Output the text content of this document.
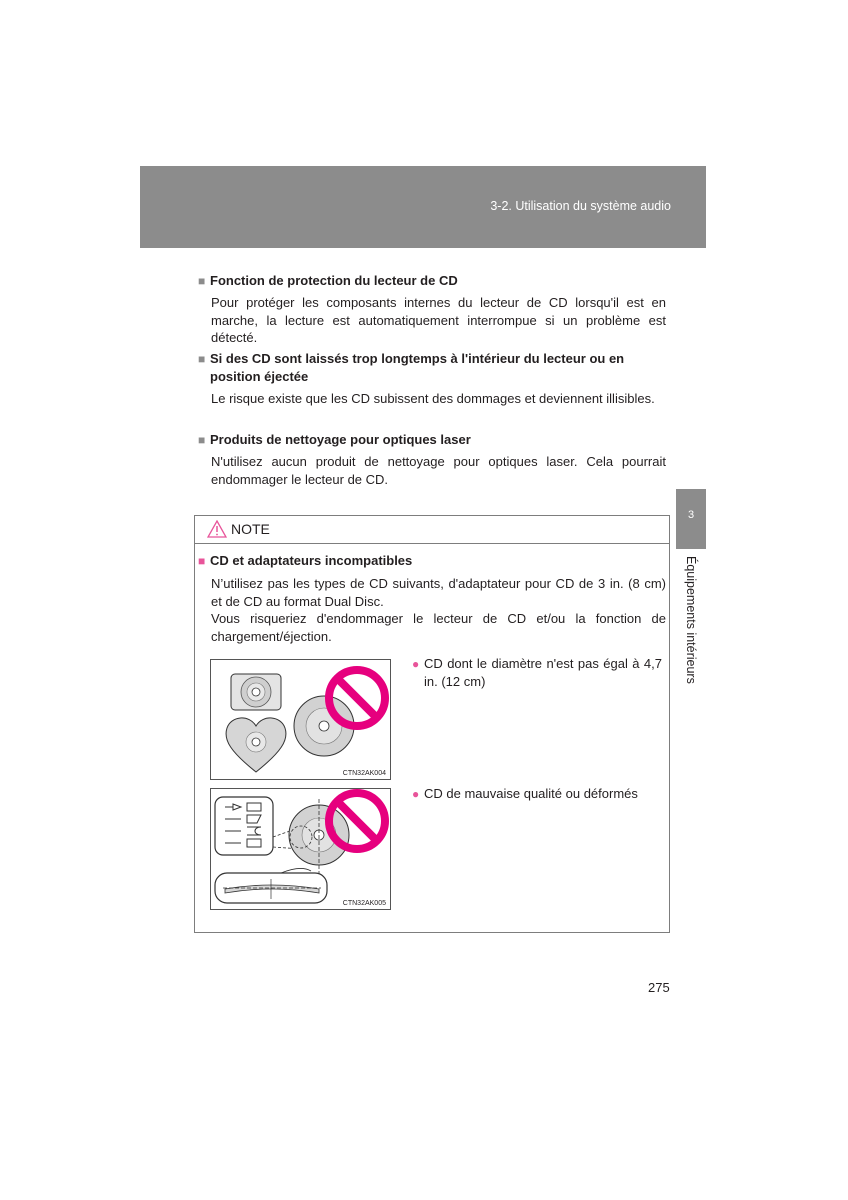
3-2. Utilisation du système audio
3
Équipements intérieurs
■ Fonction de protection du lecteur de CD
Pour protéger les composants internes du lecteur de CD lorsqu'il est en marche, la lecture est automatiquement interrompue si un problème est détecté.
■ Si des CD sont laissés trop longtemps à l'intérieur du lecteur ou en position éjectée
Le risque existe que les CD subissent des dommages et deviennent illisibles.
■ Produits de nettoyage pour optiques laser
N'utilisez aucun produit de nettoyage pour optiques laser. Cela pourrait endommager le lecteur de CD.
NOTE
■ CD et adaptateurs incompatibles
N’utilisez pas les types de CD suivants, d'adaptateur pour CD de 3 in. (8 cm) et de CD au format Dual Disc.
Vous risqueriez d'endommager le lecteur de CD et/ou la fonction de chargement/éjection.
CTN32AK004
CTN32AK005
● CD dont le diamètre n'est pas égal à 4,7 in. (12 cm)
● CD de mauvaise qualité ou déformés
275
